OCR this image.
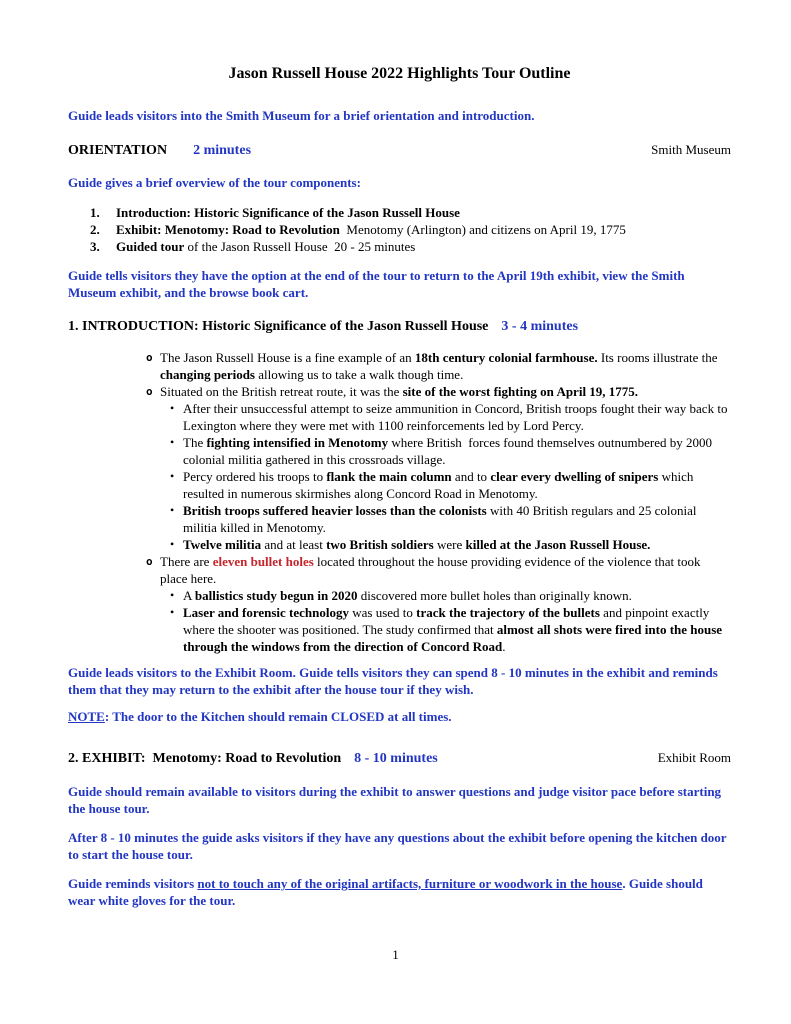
Jason Russell House 2022 Highlights Tour Outline
Guide leads visitors into the Smith Museum for a brief orientation and introduction.
ORIENTATION 2 minutes	Smith Museum
Guide gives a brief overview of the tour components:
1.	Introduction: Historic Significance of the Jason Russell House
2.	Exhibit: Menotomy: Road to Revolution  Menotomy (Arlington) and citizens on April 19, 1775
3.	Guided tour of the Jason Russell House  20 - 25 minutes
Guide tells visitors they have the option at the end of the tour to return to the April 19th exhibit, view the Smith Museum exhibit, and the browse book cart.
1. INTRODUCTION: Historic Significance of the Jason Russell House 3 - 4 minutes
o The Jason Russell House is a fine example of an 18th century colonial farmhouse. Its rooms illustrate the changing periods allowing us to take a walk though time.
o Situated on the British retreat route, it was the site of the worst fighting on April 19, 1775.
• After their unsuccessful attempt to seize ammunition in Concord, British troops fought their way back to Lexington where they were met with 1100 reinforcements led by Lord Percy.
• The fighting intensified in Menotomy where British  forces found themselves outnumbered by 2000 colonial militia gathered in this crossroads village.
• Percy ordered his troops to flank the main column and to clear every dwelling of snipers which resulted in numerous skirmishes along Concord Road in Menotomy.
• British troops suffered heavier losses than the colonists with 40 British regulars and 25 colonial militia killed in Menotomy.
• Twelve militia and at least two British soldiers were killed at the Jason Russell House.
o There are eleven bullet holes located throughout the house providing evidence of the violence that took place here.
• A ballistics study begun in 2020 discovered more bullet holes than originally known.
• Laser and forensic technology was used to track the trajectory of the bullets and pinpoint exactly where the shooter was positioned. The study confirmed that almost all shots were fired into the house through the windows from the direction of Concord Road.
Guide leads visitors to the Exhibit Room. Guide tells visitors they can spend 8 - 10 minutes in the exhibit and reminds them that they may return to the exhibit after the house tour if they wish.
NOTE: The door to the Kitchen should remain CLOSED at all times.
2. EXHIBIT:  Menotomy: Road to Revolution 8 - 10 minutes	Exhibit Room
Guide should remain available to visitors during the exhibit to answer questions and judge visitor pace before starting the house tour.
After 8 - 10 minutes the guide asks visitors if they have any questions about the exhibit before opening the kitchen door to start the house tour.
Guide reminds visitors not to touch any of the original artifacts, furniture or woodwork in the house. Guide should wear white gloves for the tour.
1
